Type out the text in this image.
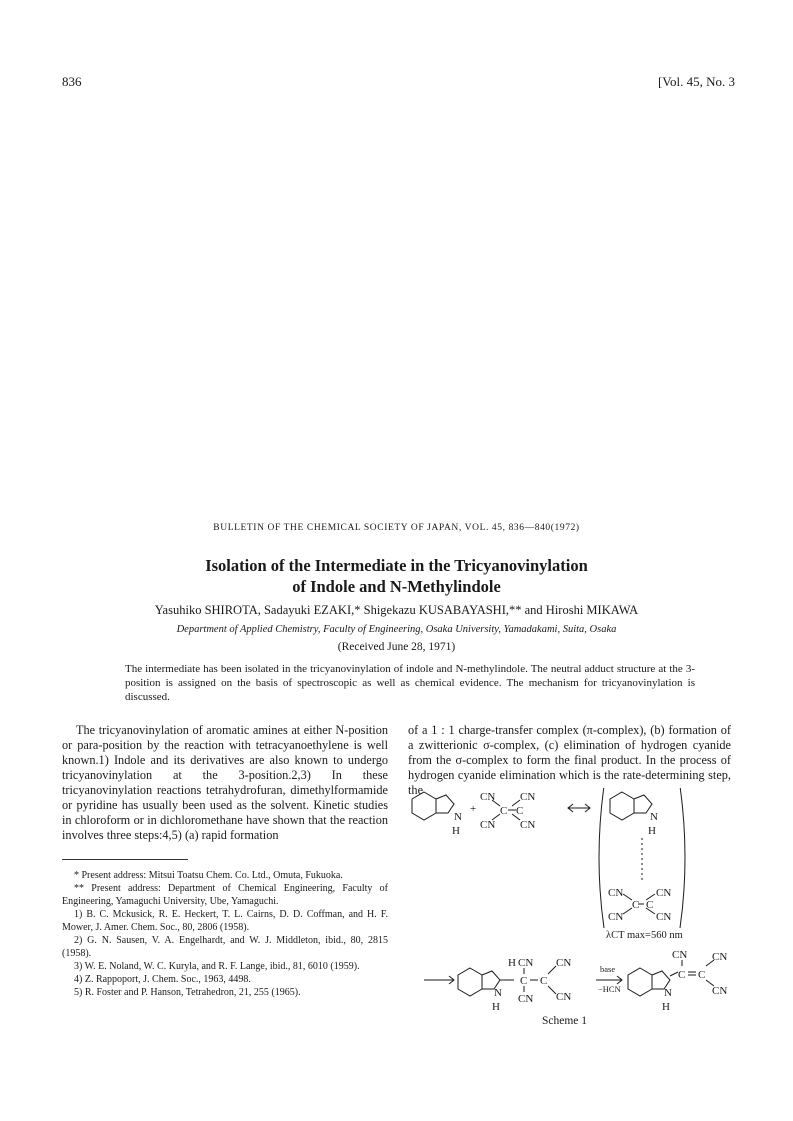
836	[Vol. 45, No. 3
BULLETIN OF THE CHEMICAL SOCIETY OF JAPAN, VOL. 45, 836—840(1972)
Isolation of the Intermediate in the Tricyanovinylation
of Indole and N-Methylindole
Yasuhiko SHIROTA, Sadayuki EZAKI,* Shigekazu KUSABAYASHI,** and Hiroshi MIKAWA
Department of Applied Chemistry, Faculty of Engineering, Osaka University, Yamadakami, Suita, Osaka
(Received June 28, 1971)
The intermediate has been isolated in the tricyanovinylation of indole and N-methylindole. The neutral adduct structure at the 3-position is assigned on the basis of spectroscopic as well as chemical evidence. The mechanism for tricyanovinylation is discussed.
The tricyanovinylation of aromatic amines at either N-position or para-position by the reaction with tetracyanoethylene is well known.1) Indole and its derivatives are also known to undergo tricyanovinylation at the 3-position.2,3) In these tricyanovinylation reactions tetrahydrofuran, dimethylformamide or pyridine has usually been used as the solvent. Kinetic studies in chloroform or in dichloromethane have shown that the reaction involves three steps:4,5) (a) rapid formation
of a 1 : 1 charge-transfer complex (π-complex), (b) formation of a zwitterionic σ-complex, (c) elimination of hydrogen cyanide from the σ-complex to form the final product. In the process of hydrogen cyanide elimination which is the rate-determining step, the
* Present address: Mitsui Toatsu Chem. Co. Ltd., Omuta, Fukuoka.
** Present address: Department of Chemical Engineering, Faculty of Engineering, Yamaguchi University, Ube, Yamaguchi.
1) B. C. Mckusick, R. E. Heckert, T. L. Cairns, D. D. Coffman, and H. F. Mower, J. Amer. Chem. Soc., 80, 2806 (1958).
2) G. N. Sausen, V. A. Engelhardt, and W. J. Middleton, ibid., 80, 2815 (1958).
3) W. E. Noland, W. C. Kuryla, and R. F. Lange, ibid., 81, 6010 (1959).
4) Z. Rappoport, J. Chem. Soc., 1963, 4498.
5) R. Foster and P. Hanson, Tetrahedron, 21, 255 (1965).
N
H
+
CN CN
C C
CN CN
N
H
CN	CN
C C
CN	CN
λCT max=560 nm
N
H
H CN
C C
CN
CN
CN
base
−HCN	N
H
CN
C C
CN
CN
Scheme 1
